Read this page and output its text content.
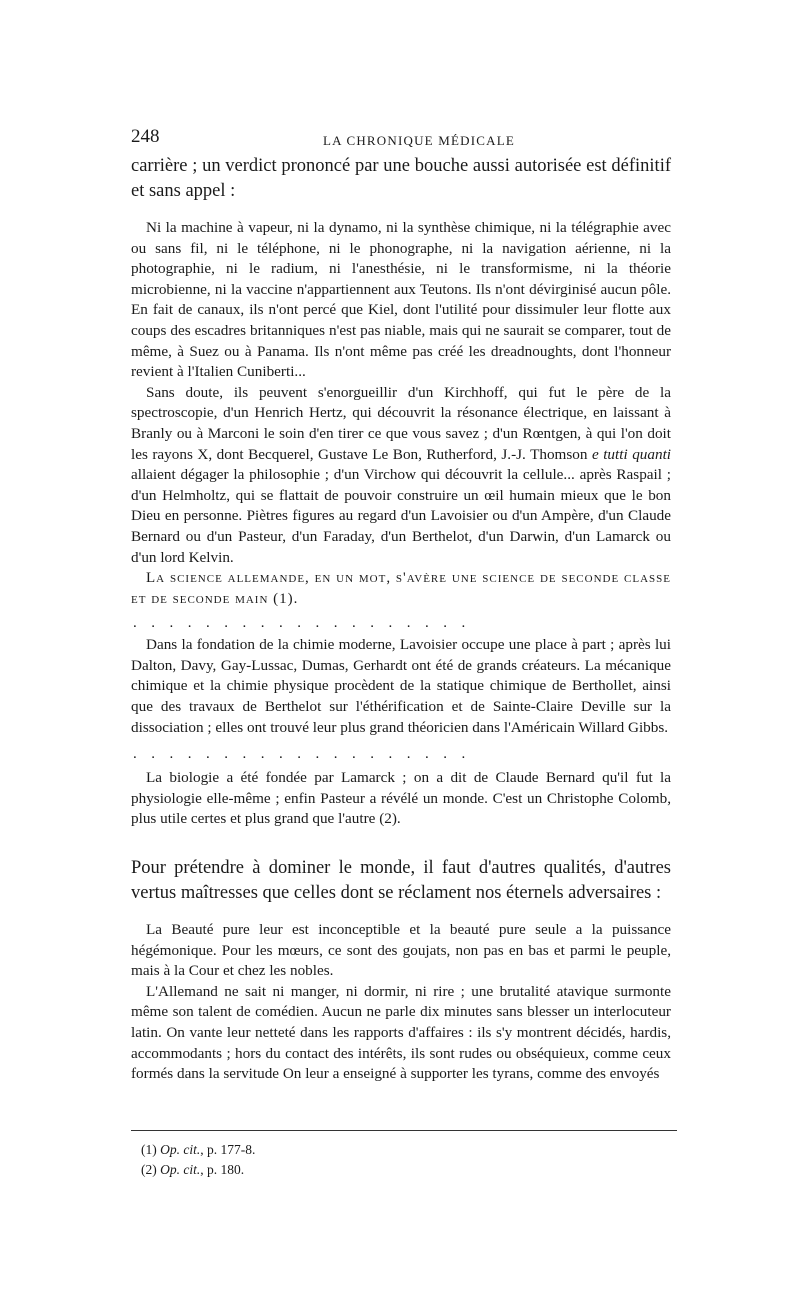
248	LA CHRONIQUE MÉDICALE

carrière ; un verdict prononcé par une bouche aussi autorisée est définitif et sans appel :

Ni la machine à vapeur, ni la dynamo, ni la synthèse chimique, ni la télégraphie avec ou sans fil, ni le téléphone, ni le phonographe, ni la navigation aérienne, ni la photographie, ni le radium, ni l'anesthésie, ni le transformisme, ni la théorie microbienne, ni la vaccine n'appartiennent aux Teutons. Ils n'ont dévirginisé aucun pôle. En fait de canaux, ils n'ont percé que Kiel, dont l'utilité pour dissimuler leur flotte aux coups des escadres britanniques n'est pas niable, mais qui ne saurait se comparer, tout de même, à Suez ou à Panama. Ils n'ont même pas créé les dreadnoughts, dont l'honneur revient à l'Italien Cuniberti...

Sans doute, ils peuvent s'enorgueillir d'un Kirchhoff, qui fut le père de la spectroscopie, d'un Henrich Hertz, qui découvrit la résonance électrique, en laissant à Branly ou à Marconi le soin d'en tirer ce que vous savez ; d'un Rœntgen, à qui l'on doit les rayons X, dont Becquerel, Gustave Le Bon, Rutherford, J.-J. Thomson e tutti quanti allaient dégager la philosophie ; d'un Virchow qui découvrit la cellule... après Raspail ; d'un Helmholtz, qui se flattait de pouvoir construire un œil humain mieux que le bon Dieu en personne. Piètres figures au regard d'un Lavoisier ou d'un Ampère, d'un Claude Bernard ou d'un Pasteur, d'un Faraday, d'un Berthelot, d'un Darwin, d'un Lamarck ou d'un lord Kelvin.

La science allemande, en un mot, s'avère une science de seconde classe et de seconde main (1).

...................

Dans la fondation de la chimie moderne, Lavoisier occupe une place à part ; après lui Dalton, Davy, Gay-Lussac, Dumas, Gerhardt ont été de grands créateurs. La mécanique chimique et la chimie physique procèdent de la statique chimique de Berthollet, ainsi que des travaux de Berthelot sur l'éthérification et de Sainte-Claire Deville sur la dissociation ; elles ont trouvé leur plus grand théoricien dans l'Américain Willard Gibbs.

...................

La biologie a été fondée par Lamarck ; on a dit de Claude Bernard qu'il fut la physiologie elle-même ; enfin Pasteur a révélé un monde. C'est un Christophe Colomb, plus utile certes et plus grand que l'autre (2).

Pour prétendre à dominer le monde, il faut d'autres qualités, d'autres vertus maîtresses que celles dont se réclament nos éternels adversaires :

La Beauté pure leur est inconceptible et la beauté pure seule a la puissance hégémonique. Pour les mœurs, ce sont des goujats, non pas en bas et parmi le peuple, mais à la Cour et chez les nobles.

L'Allemand ne sait ni manger, ni dormir, ni rire ; une brutalité atavique surmonte même son talent de comédien. Aucun ne parle dix minutes sans blesser un interlocuteur latin. On vante leur netteté dans les rapports d'affaires : ils s'y montrent décidés, hardis, accommodants ; hors du contact des intérêts, ils sont rudes ou obséquieux, comme ceux formés dans la servitude On leur a enseigné à supporter les tyrans, comme des envoyés

(1) Op. cit., p. 177-8.
(2) Op. cit., p. 180.
